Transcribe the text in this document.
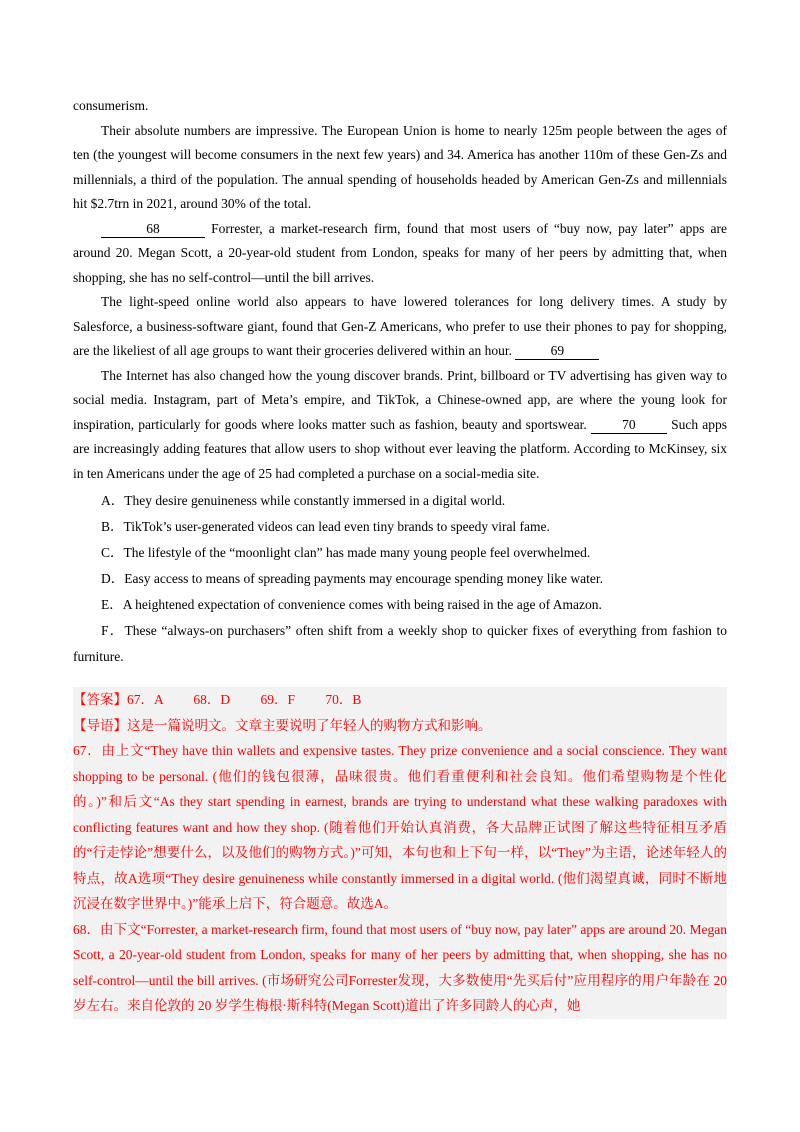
consumerism.

Their absolute numbers are impressive. The European Union is home to nearly 125m people between the ages of ten (the youngest will become consumers in the next few years) and 34. America has another 110m of these Gen-Zs and millennials, a third of the population. The annual spending of households headed by American Gen-Zs and millennials hit $2.7trn in 2021, around 30% of the total.

68	Forrester, a market-research firm, found that most users of “buy now, pay later” apps are around 20. Megan Scott, a 20-year-old student from London, speaks for many of her peers by admitting that, when shopping, she has no self-control—until the bill arrives.

The light-speed online world also appears to have lowered tolerances for long delivery times. A study by Salesforce, a business-software giant, found that Gen-Z Americans, who prefer to use their phones to pay for shopping, are the likeliest of all age groups to want their groceries delivered within an hour.	69

The Internet has also changed how the young discover brands. Print, billboard or TV advertising has given way to social media. Instagram, part of Meta’s empire, and TikTok, a Chinese-owned app, are where the young look for inspiration, particularly for goods where looks matter such as fashion, beauty and sportswear. 70 Such apps are increasingly adding features that allow users to shop without ever leaving the platform. According to McKinsey, six in ten Americans under the age of 25 had completed a purchase on a social-media site.

A．They desire genuineness while constantly immersed in a digital world.

B．TikTok’s user-generated videos can lead even tiny brands to speedy viral fame.

C．The lifestyle of the “moonlight clan” has made many young people feel overwhelmed.

D．Easy access to means of spreading payments may encourage spending money like water.

E．A heightened expectation of convenience comes with being raised in the age of Amazon.

F．These “always-on purchasers” often shift from a weekly shop to quicker fixes of everything from fashion to furniture.

【答案】67．A　　 68．D　　 69．F　　 70．B

【导语】这是一篇说明文。文章主要说明了年轻人的购物方式和影响。

67．由上文“They have thin wallets and expensive tastes. They prize convenience and a social conscience. They want shopping to be personal. (他们的钱包很薄，品味很贵。他们看重便利和社会良知。他们希望购物是个性化的。)”和后文“As they start spending in earnest, brands are trying to understand what these walking paradoxes with conflicting features want and how they shop. (随着他们开始认真消费，各大品牌正试图了解这些特征相互矛盾的“行走悖论”想要什么，以及他们的购物方式。)”可知，本句也和上下句一样，以“They”为主语，论述年轻人的特点，故A选项“They desire genuineness while constantly immersed in a digital world. (他们渴望真诚，同时不断地沉浸在数字世界中。)”能承上启下，符合题意。故选A。

68．由下文“Forrester, a market-research firm, found that most users of “buy now, pay later” apps are around 20. Megan Scott, a 20-year-old student from London, speaks for many of her peers by admitting that, when shopping, she has no self-control—until the bill arrives. (市场研究公司Forrester发现，大多数使用“先买后付”应用程序的用户年龄在 20 岁左右。来自伦敦的 20 岁学生梅根·斯科特(Megan Scott)道出了许多同龄人的心声，她
